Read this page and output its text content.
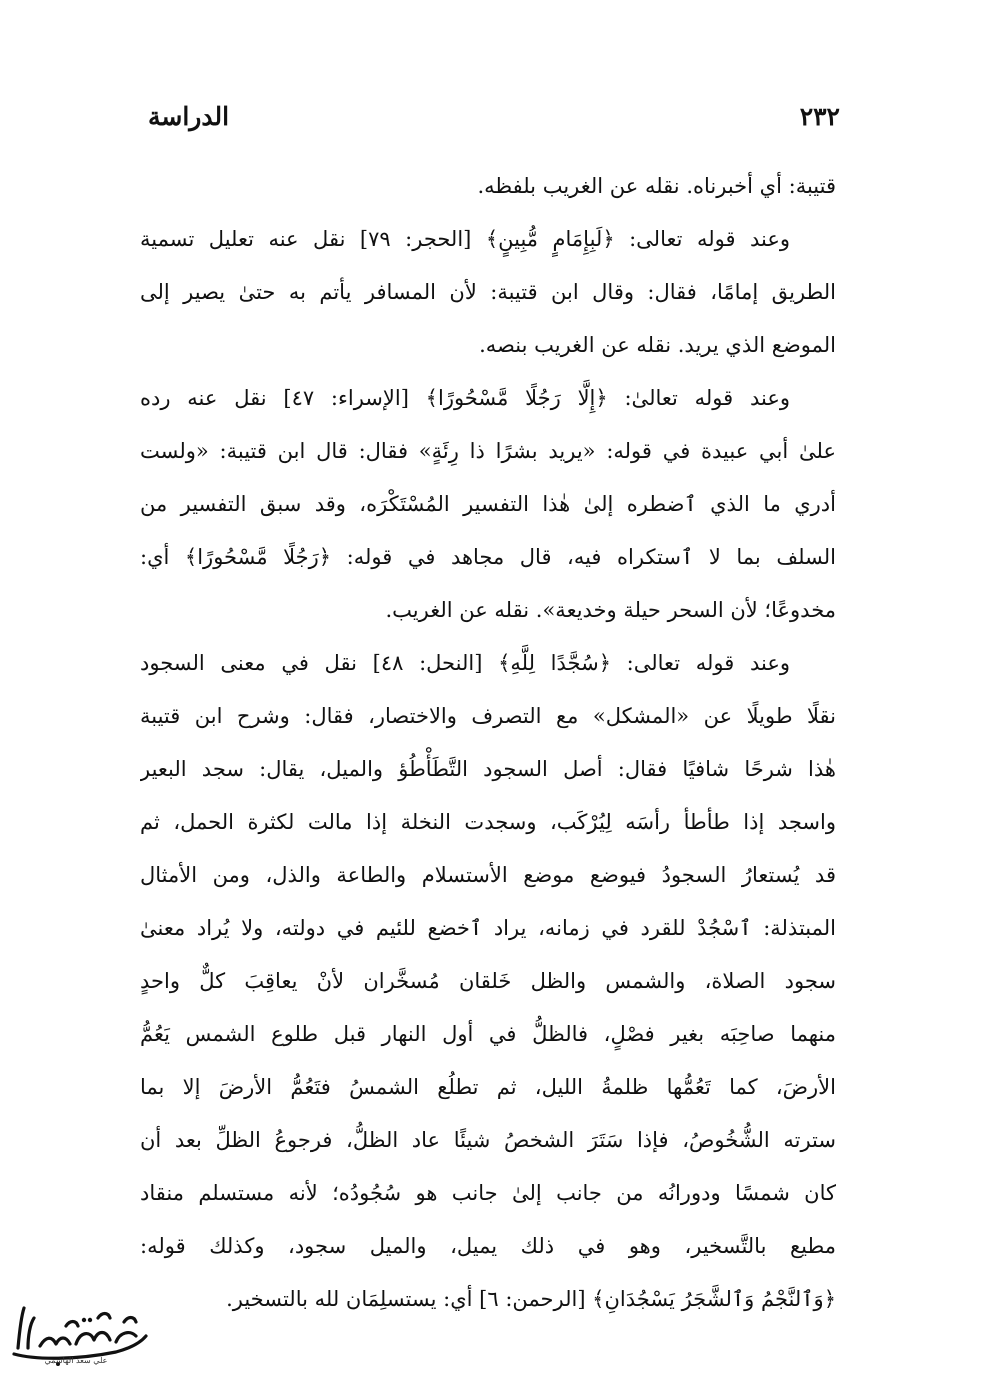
٢٣٢
الدراسة
قتيبة: أي أخبرناه. نقله عن الغريب بلفظه.
وعند قوله تعالى: ﴿لَبِإِمَامٍ مُّبِينٍ﴾ [الحجر: ٧٩] نقل عنه تعليل تسمية
الطريق إمامًا، فقال: وقال ابن قتيبة: لأن المسافر يأتم به حتىٰ يصير إلى
الموضع الذي يريد. نقله عن الغريب بنصه.
وعند قوله تعالىٰ: ﴿إِلَّا رَجُلًا مَّسْحُورًا﴾ [الإسراء: ٤٧] نقل عنه رده
علىٰ أبي عبيدة في قوله: «يريد بشرًا ذا رِئَةٍ» فقال: قال ابن قتيبة: «ولست
أدري ما الذي ٱضطره إلىٰ هٰذا التفسير المُسْتَكْرَه، وقد سبق التفسير من
السلف بما لا ٱستكراه فيه، قال مجاهد في قوله: ﴿رَجُلًا مَّسْحُورًا﴾ أي:
مخدوعًا؛ لأن السحر حيلة وخديعة». نقله عن الغريب.
وعند قوله تعالى: ﴿سُجَّدًا لِلَّهِ﴾ [النحل: ٤٨] نقل في معنى السجود
نقلًا طويلًا عن «المشكل» مع التصرف والاختصار، فقال: وشرح ابن قتيبة
هٰذا شرحًا شافيًا فقال: أصل السجود التَّطَأْطُؤ والميل، يقال: سجد البعير
واسجد إذا طأطأ رأسَه لِيُرْكَب، وسجدت النخلة إذا مالت لكثرة الحمل، ثم
قد يُستعارُ السجودُ فيوضع موضع الأستسلام والطاعة والذل، ومن الأمثال
المبتذلة: ٱسْجُدْ للقرد في زمانه، يراد ٱخضع للئيم في دولته، ولا يُراد معنىٰ
سجود الصلاة، والشمس والظل خَلقان مُسخَّران لأنْ يعاقِبَ كلٌّ واحدٍ
منهما صاحِبَه بغير فصْلٍ، فالظلُّ في أول النهار قبل طلوع الشمس يَعُمُّ
الأرضَ، كما تَعُمُّها ظلمةُ الليل، ثم تطلُع الشمسُ فتَعُمُّ الأرضَ إلا بما
سترته الشُّخُوصُ، فإذا سَتَرَ الشخصُ شيئًا عاد الظلُّ، فرجوعُ الظلِّ بعد أن
كان شمسًا ودورانُه من جانب إلىٰ جانب هو سُجُودُه؛ لأنه مستسلم منقاد
مطيع بالتَّسخير، وهو في ذلك يميل، والميل سجود، وكذلك قوله:
﴿وَٱلنَّجْمُ وَٱلشَّجَرُ يَسْجُدَانِ﴾ [الرحمن: ٦] أي: يستسلِمَان لله بالتسخير.
علي سعد الهاشمي
